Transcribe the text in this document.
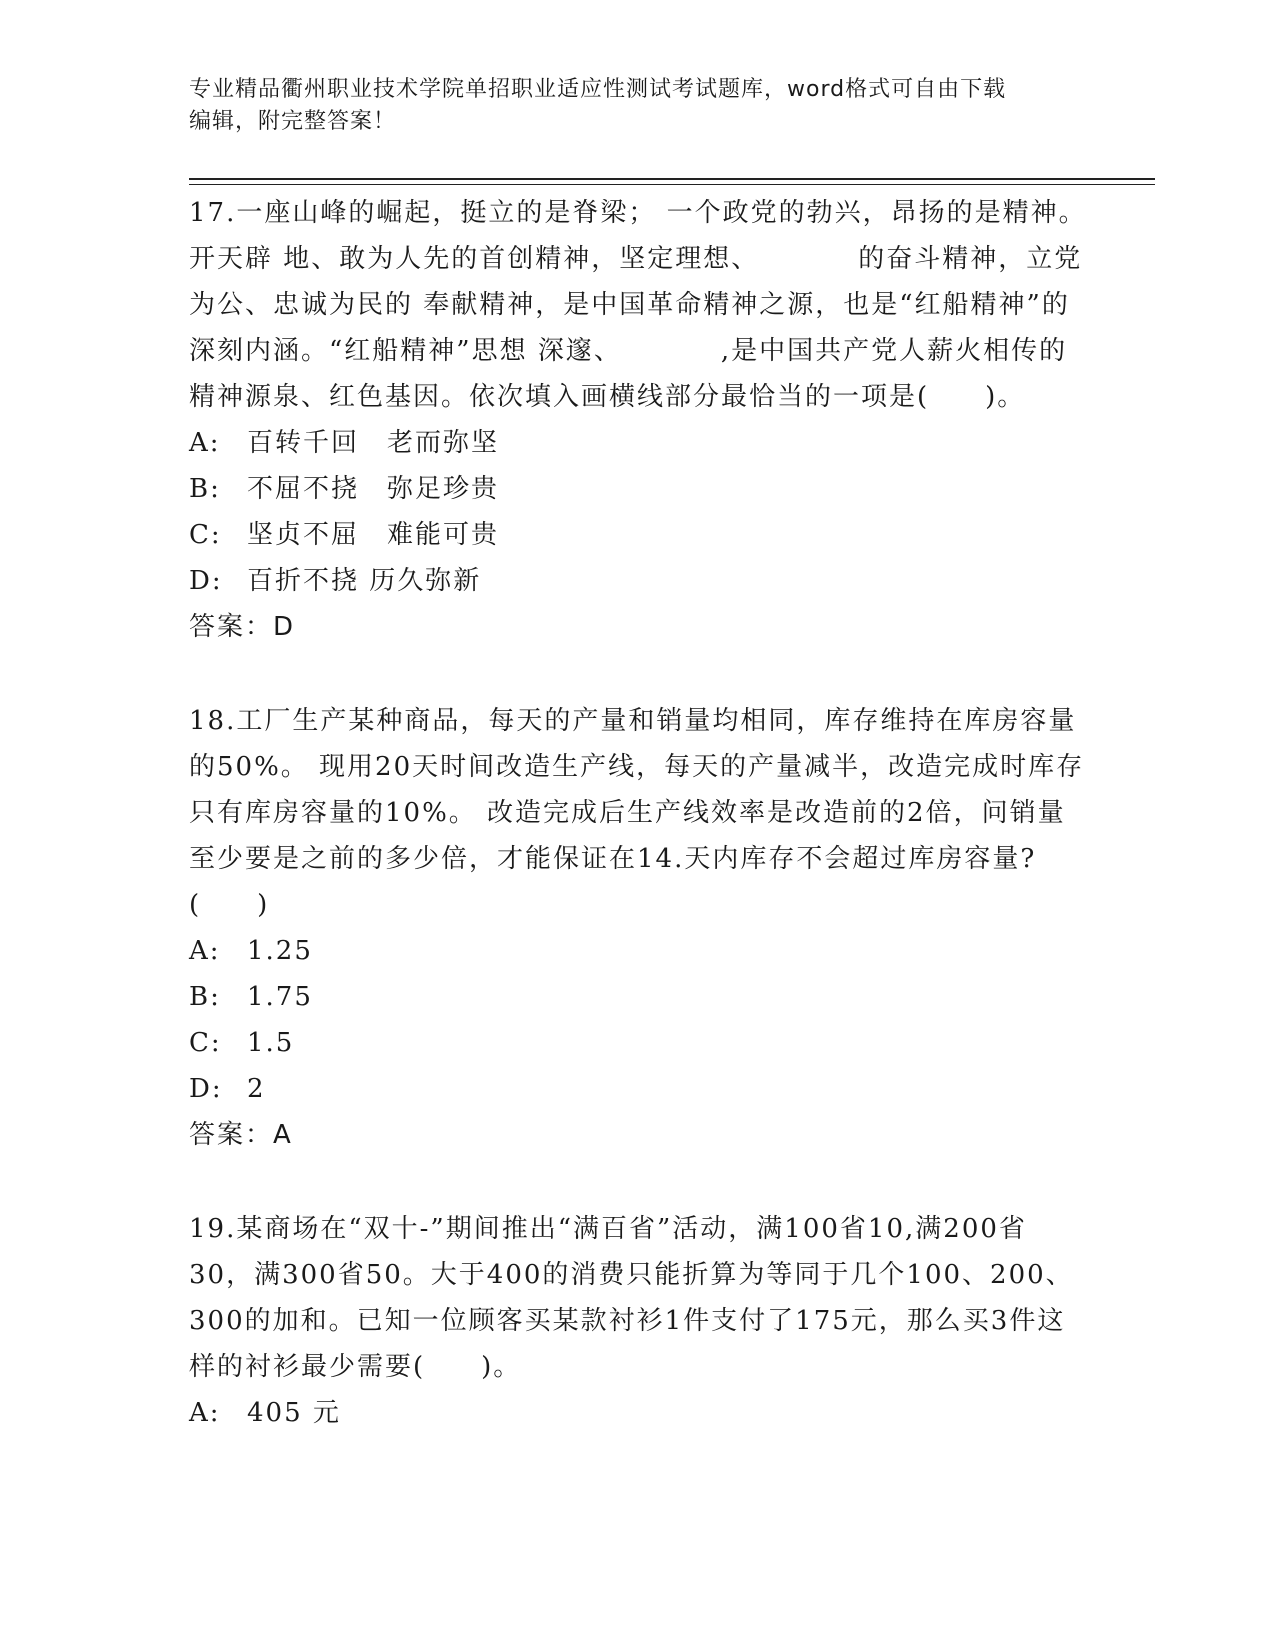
专业精品衢州职业技术学院单招职业适应性测试考试题库，word格式可自由下载

编辑，附完整答案！

17.一座山峰的崛起，挺立的是脊梁； 一个政党的勃兴，昂扬的是精神。开天辟 地、敢为人先的首创精神，坚定理想、　　　　的奋斗精神，立党为公、忠诚为民的 奉献精神，是中国革命精神之源，也是“红船精神”的深刻内涵。“红船精神”思想 深邃、　　　　,是中国共产党人薪火相传的精神源泉、红色基因。依次填入画横线部分最恰当的一项是(　　)。

A: 百转千回　老而弥坚
B: 不屈不挠　弥足珍贵
C: 坚贞不屈　难能可贵
D: 百折不挠 历久弥新
答案：D

18.工厂生产某种商品，每天的产量和销量均相同，库存维持在库房容量的50%。 现用20天时间改造生产线，每天的产量减半，改造完成时库存只有库房容量的10%。 改造完成后生产线效率是改造前的2倍，问销量至少要是之前的多少倍，才能保证在14.天内库存不会超过库房容量?(　　)

A: 1.25
B: 1.75
C: 1.5
D: 2
答案：A

19.某商场在“双十-”期间推出“满百省”活动，满100省10,满200省30，满300省50。大于400的消费只能折算为等同于几个100、200、300的加和。已知一位顾客买某款衬衫1件支付了175元，那么买3件这样的衬衫最少需要(　　)。

A: 405 元
